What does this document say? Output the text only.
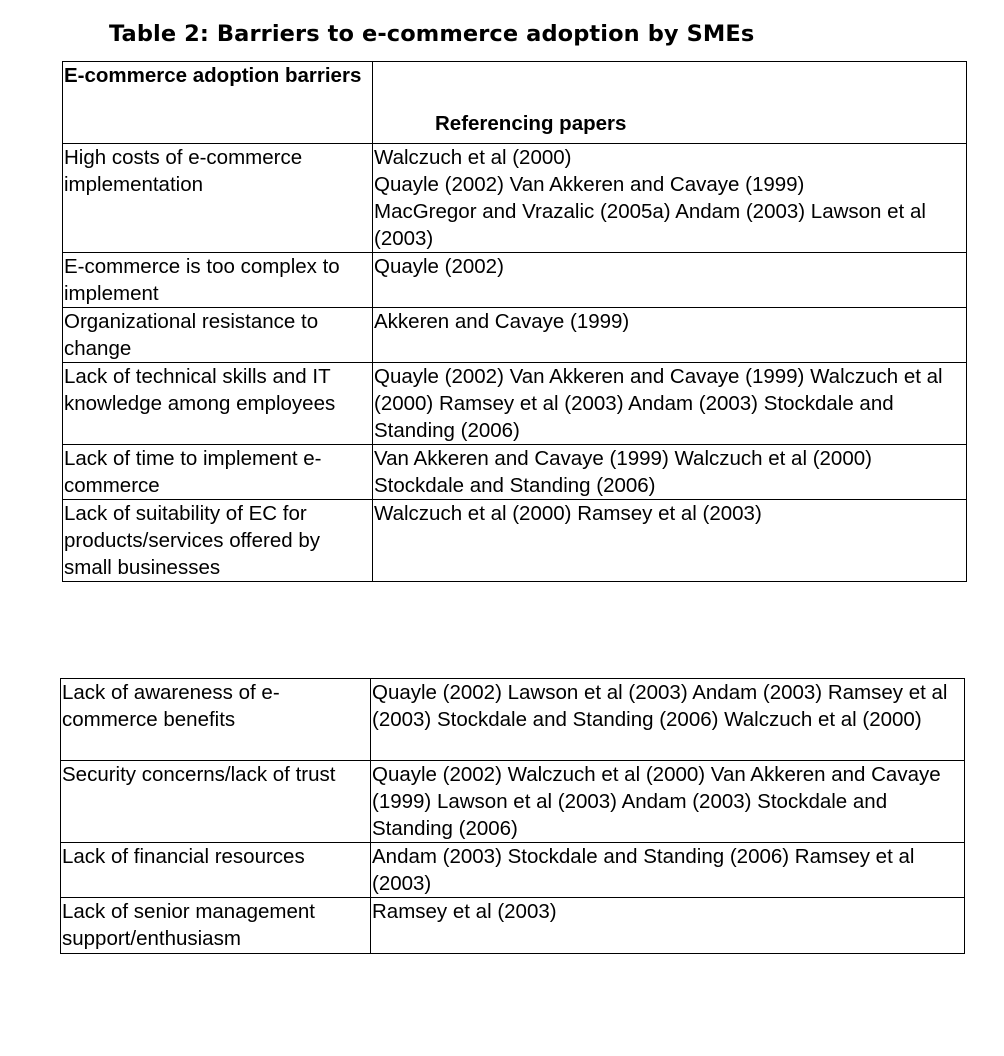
Table 2: Barriers to e-commerce adoption by SMEs
E-commerce adoption barriers	Referencing papers
High costs of e-commerce implementation	Walczuch et al (2000)
Quayle (2002) Van Akkeren and Cavaye (1999)
MacGregor and Vrazalic (2005a) Andam (2003) Lawson et al (2003)

E-commerce is too complex to implement	Quayle (2002)
Organizational resistance to change	Akkeren and Cavaye (1999)
Lack of technical skills and IT knowledge among employees	Quayle (2002) Van Akkeren and Cavaye (1999) Walczuch et al (2000) Ramsey et al (2003) Andam (2003) Stockdale and Standing (2006)
Lack of time to implement e-commerce	Van Akkeren and Cavaye (1999) Walczuch et al (2000) Stockdale and Standing (2006)
Lack of suitability of EC for products/services offered by small businesses	Walczuch et al (2000) Ramsey et al (2003)
Lack of awareness of e-commerce benefits	Quayle (2002) Lawson et al (2003) Andam (2003) Ramsey et al (2003) Stockdale and Standing (2006) Walczuch et al (2000)
Security concerns/lack of trust	Quayle (2002) Walczuch et al (2000) Van Akkeren and Cavaye (1999) Lawson et al (2003) Andam (2003) Stockdale and Standing (2006)
Lack of financial resources	Andam (2003) Stockdale and Standing (2006) Ramsey et al (2003)
Lack of senior management support/enthusiasm	Ramsey et al (2003)
